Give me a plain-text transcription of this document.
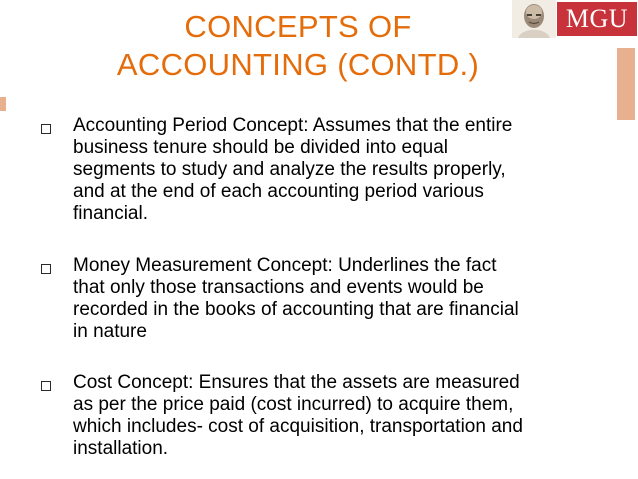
CONCEPTS OF
ACCOUNTING (CONTD.)
MGU
Accounting Period Concept: Assumes that the entire
business tenure should be divided into equal
segments to study and analyze the results properly,
and at the end of each accounting period various
financial.
Money Measurement Concept: Underlines the fact
that only those transactions and events would be
recorded in the books of accounting that are financial
in nature
Cost Concept: Ensures that the assets are measured
as per the price paid (cost incurred) to acquire them,
which includes- cost of acquisition, transportation and
installation.
